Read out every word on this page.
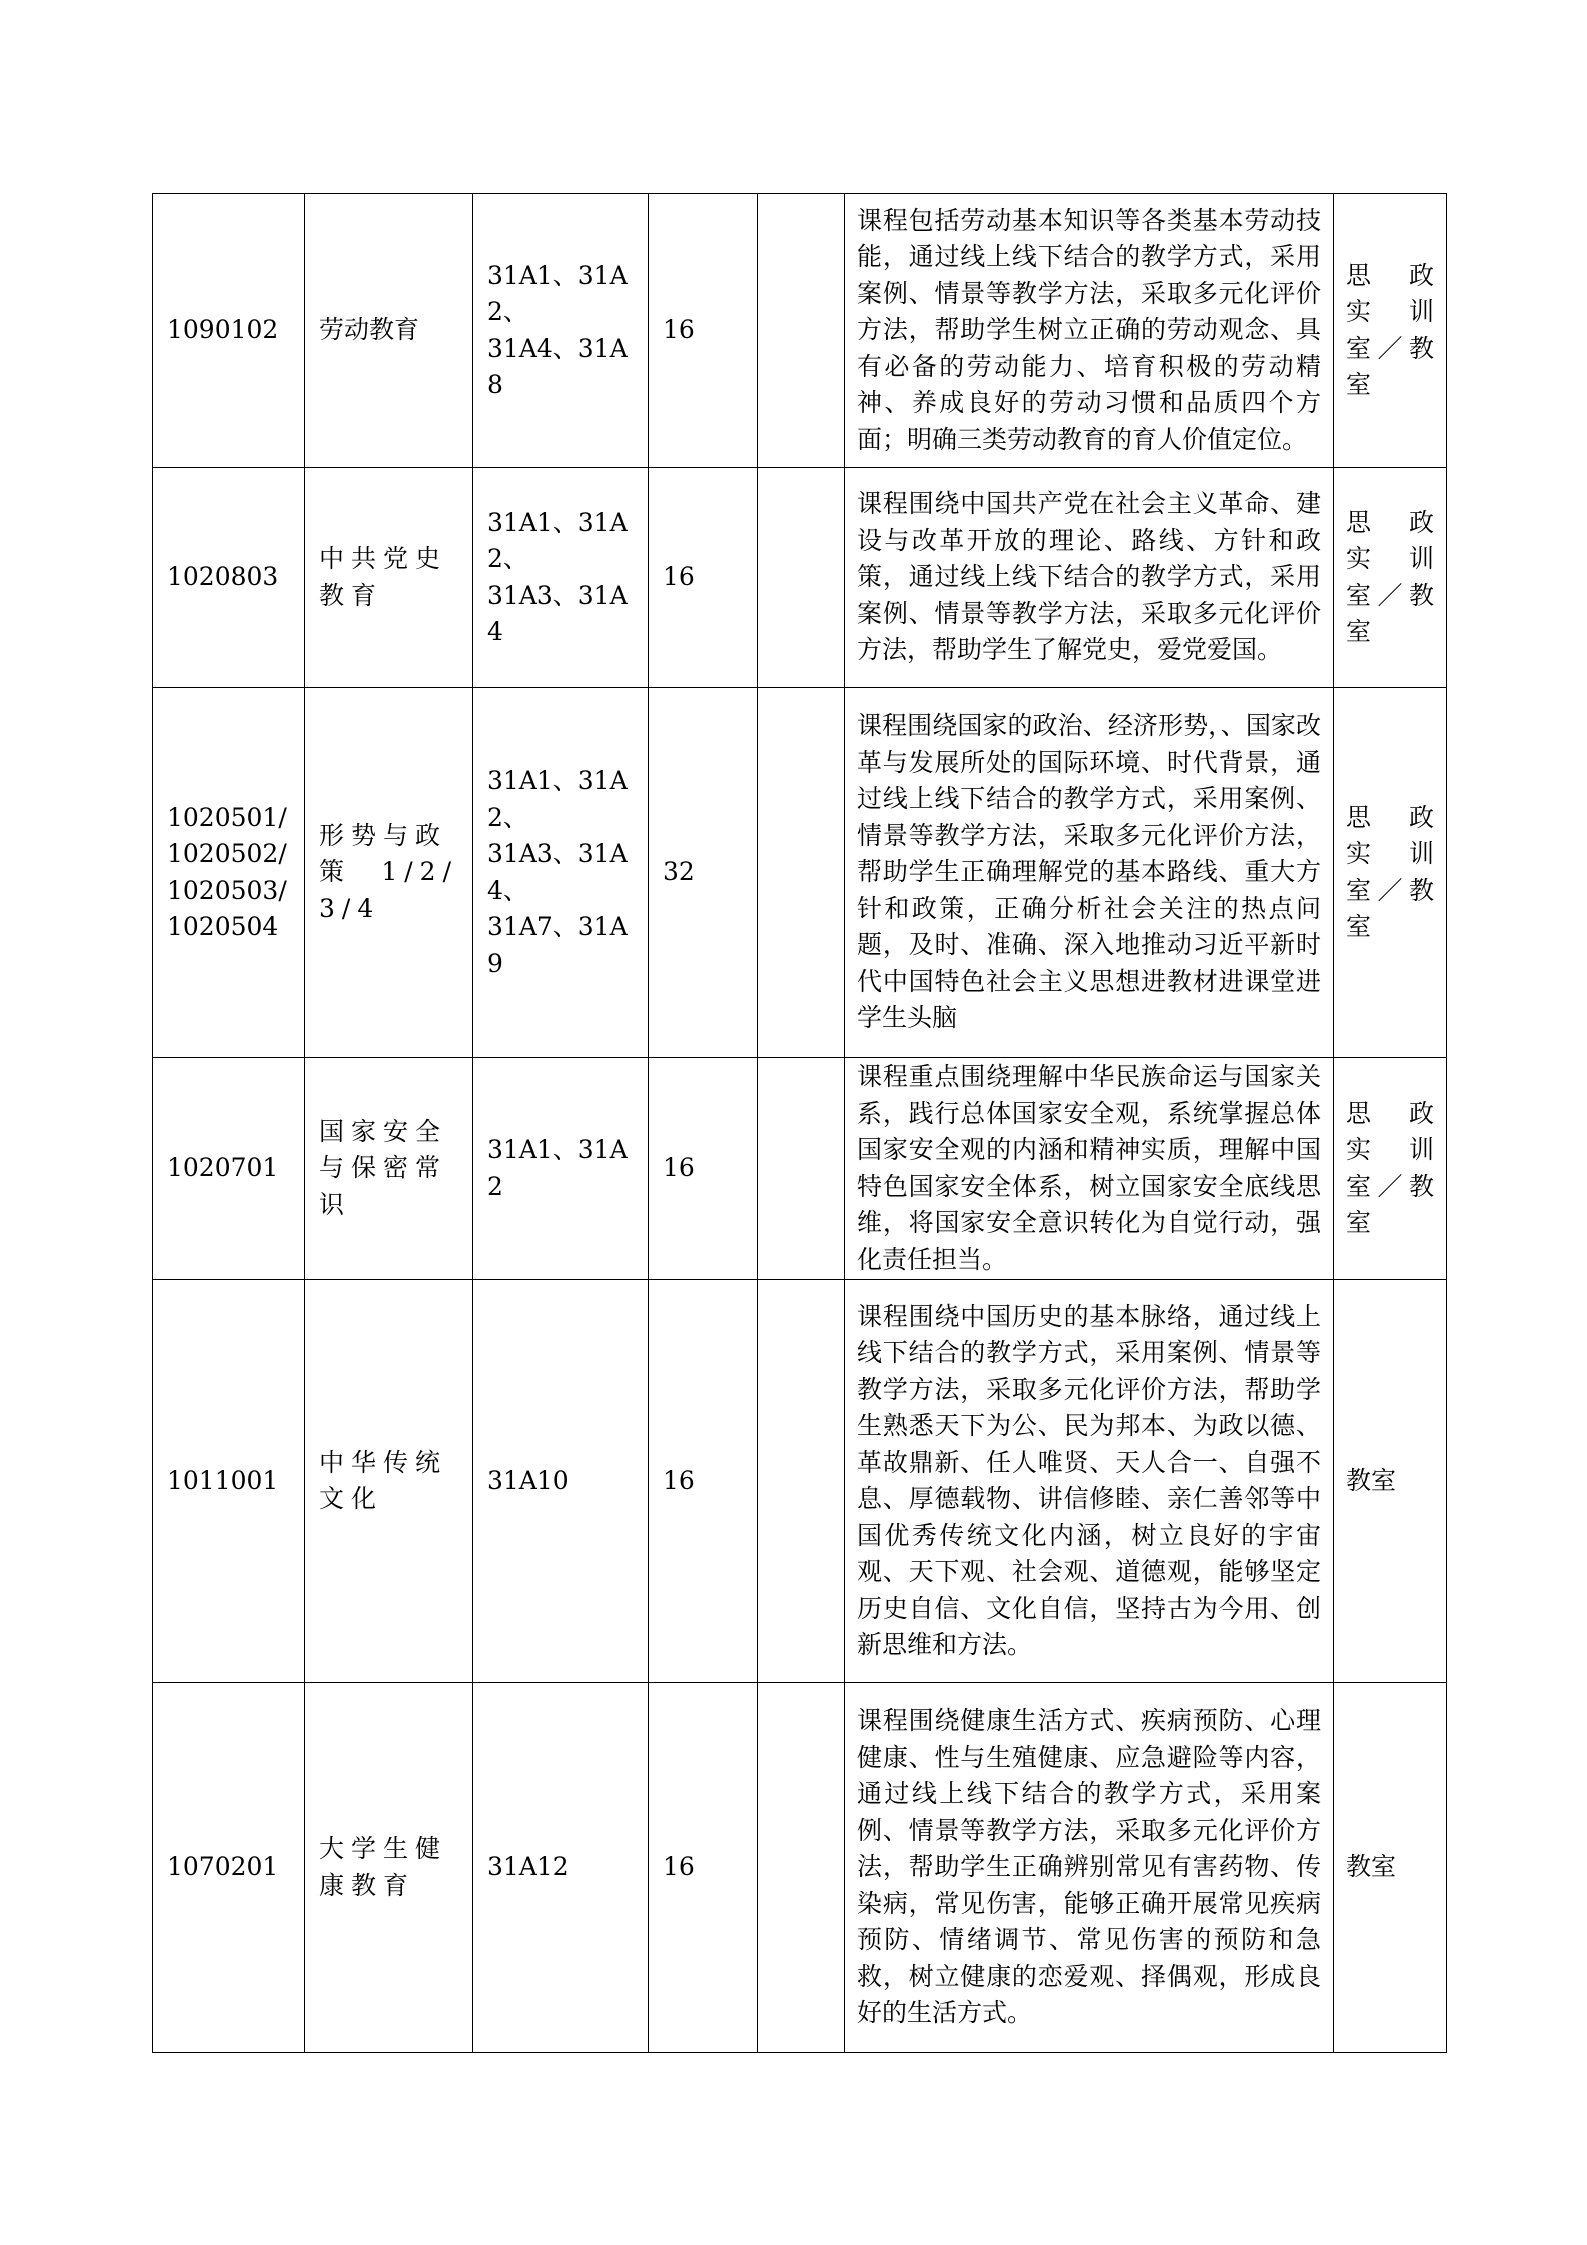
1090102	劳动教育	31A1、31A2、
31A4、31A8	16		课程包括劳动基本知识等各类基本劳动技能，通过线上线下结合的教学方式，采用案例、情景等教学方法，采取多元化评价方法，帮助学生树立正确的劳动观念、具有必备的劳动能力、培育积极的劳动精神、养成良好的劳动习惯和品质四个方面；明确三类劳动教育的育人价值定位。	思　政
实　训
室／教
室

1020803	中共党史
教育	31A1、31A2、
31A3、31A4	16		课程围绕中国共产党在社会主义革命、建设与改革开放的理论、路线、方针和政策，通过线上线下结合的教学方式，采用案例、情景等教学方法，采取多元化评价方法，帮助学生了解党史，爱党爱国。	思　政
实　训
室／教
室

1020501/
1020502/
1020503/
1020504	形势与政
策 1/2/3/4	31A1、31A2、
31A3、31A4、
31A7、31A9	32		课程围绕国家的政治、经济形势，、国家改革与发展所处的国际环境、时代背景，通过线上线下结合的教学方式，采用案例、情景等教学方法，采取多元化评价方法，帮助学生正确理解党的基本路线、重大方针和政策，正确分析社会关注的热点问题，及时、准确、深入地推动习近平新时代中国特色社会主义思想进教材进课堂进学生头脑	思　政
实　训
室／教
室

1020701	国家安全
与保密常
识	31A1、31A2	16		课程重点围绕理解中华民族命运与国家关系，践行总体国家安全观，系统掌握总体国家安全观的内涵和精神实质，理解中国特色国家安全体系，树立国家安全底线思维，将国家安全意识转化为自觉行动，强化责任担当。	思　政
实　训
室／教
室

1011001	中华传统
文化	31A10	16		课程围绕中国历史的基本脉络，通过线上线下结合的教学方式，采用案例、情景等教学方法，采取多元化评价方法，帮助学生熟悉天下为公、民为邦本、为政以德、革故鼎新、任人唯贤、天人合一、自强不息、厚德载物、讲信修睦、亲仁善邻等中国优秀传统文化内涵，树立良好的宇宙观、天下观、社会观、道德观，能够坚定历史自信、文化自信，坚持古为今用、创新思维和方法。	教室

1070201	大学生健
康教育	31A12	16		课程围绕健康生活方式、疾病预防、心理健康、性与生殖健康、应急避险等内容，通过线上线下结合的教学方式，采用案例、情景等教学方法，采取多元化评价方法，帮助学生正确辨别常见有害药物、传染病，常见伤害，能够正确开展常见疾病预防、情绪调节、常见伤害的预防和急救，树立健康的恋爱观、择偶观，形成良好的生活方式。	教室
